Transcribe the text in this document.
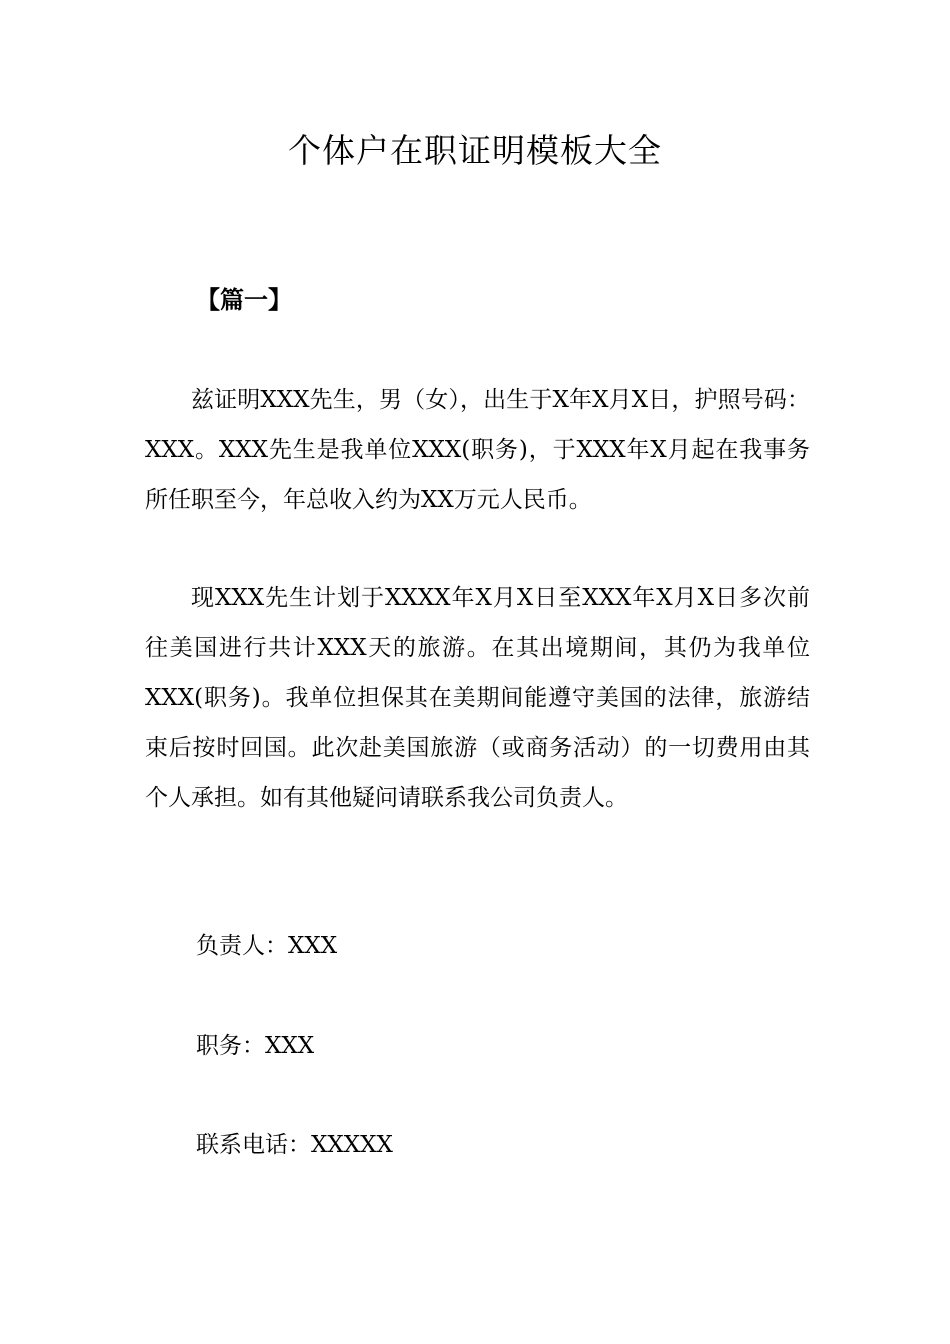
个体户在职证明模板大全
【篇一】

兹证明XXX先生，男（女），出生于X年X月X日，护照号码：XXX。XXX先生是我单位XXX(职务)，于XXX年X月起在我事务所任职至今，年总收入约为XX万元人民币。

现XXX先生计划于XXXX年X月X日至XXX年X月X日多次前往美国进行共计XXX天的旅游。在其出境期间，其仍为我单位XXX(职务)。我单位担保其在美期间能遵守美国的法律，旅游结束后按时回国。此次赴美国旅游（或商务活动）的一切费用由其个人承担。如有其他疑问请联系我公司负责人。

负责人：XXX
职务：XXX
联系电话：XXXXX
